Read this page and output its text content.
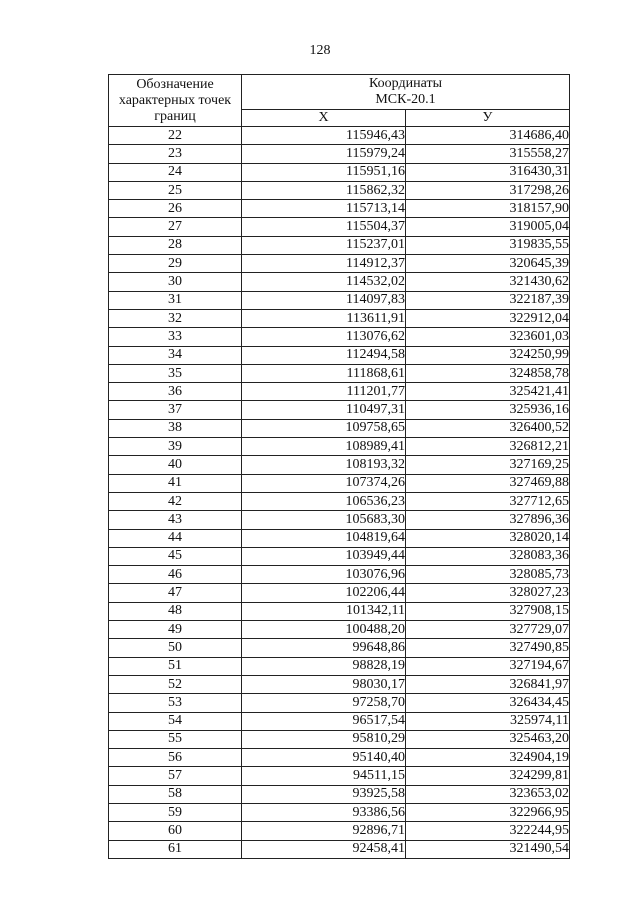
128
Обозначение характерных точек границ	Координаты
МСК-20.1	

	X	У
22	115946,43	314686,40
23	115979,24	315558,27
24	115951,16	316430,31
25	115862,32	317298,26
26	115713,14	318157,90
27	115504,37	319005,04
28	115237,01	319835,55
29	114912,37	320645,39
30	114532,02	321430,62
31	114097,83	322187,39
32	113611,91	322912,04
33	113076,62	323601,03
34	112494,58	324250,99
35	111868,61	324858,78
36	111201,77	325421,41
37	110497,31	325936,16
38	109758,65	326400,52
39	108989,41	326812,21
40	108193,32	327169,25
41	107374,26	327469,88
42	106536,23	327712,65
43	105683,30	327896,36
44	104819,64	328020,14
45	103949,44	328083,36
46	103076,96	328085,73
47	102206,44	328027,23
48	101342,11	327908,15
49	100488,20	327729,07
50	99648,86	327490,85
51	98828,19	327194,67
52	98030,17	326841,97
53	97258,70	326434,45
54	96517,54	325974,11
55	95810,29	325463,20
56	95140,40	324904,19
57	94511,15	324299,81
58	93925,58	323653,02
59	93386,56	322966,95
60	92896,71	322244,95
61	92458,41	321490,54
